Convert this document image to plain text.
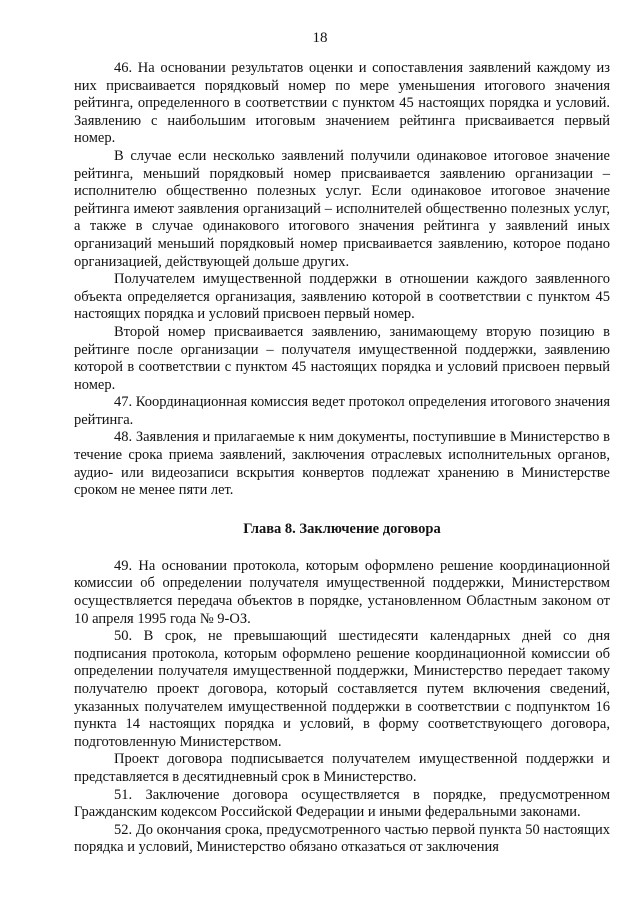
18

46. На основании результатов оценки и сопоставления заявлений каждому из них присваивается порядковый номер по мере уменьшения итогового значения рейтинга, определенного в соответствии с пунктом 45 настоящих порядка и условий. Заявлению с наибольшим итоговым значением рейтинга присваивается первый номер.

В случае если несколько заявлений получили одинаковое итоговое значение рейтинга, меньший порядковый номер присваивается заявлению организации – исполнителю общественно полезных услуг. Если одинаковое итоговое значение рейтинга имеют заявления организаций – исполнителей общественно полезных услуг, а также в случае одинакового итогового значения рейтинга у заявлений иных организаций меньший порядковый номер присваивается заявлению, которое подано организацией, действующей дольше других.

Получателем имущественной поддержки в отношении каждого заявленного объекта определяется организация, заявлению которой в соответствии с пунктом 45 настоящих порядка и условий присвоен первый номер.

Второй номер присваивается заявлению, занимающему вторую позицию в рейтинге после организации – получателя имущественной поддержки, заявлению которой в соответствии с пунктом 45 настоящих порядка и условий присвоен первый номер.

47. Координационная комиссия ведет протокол определения итогового значения рейтинга.

48. Заявления и прилагаемые к ним документы, поступившие в Министерство в течение срока приема заявлений, заключения отраслевых исполнительных органов, аудио- или видеозаписи вскрытия конвертов подлежат хранению в Министерстве сроком не менее пяти лет.

Глава 8. Заключение договора

49. На основании протокола, которым оформлено решение координационной комиссии об определении получателя имущественной поддержки, Министерством осуществляется передача объектов в порядке, установленном Областным законом от 10 апреля 1995 года № 9-ОЗ.

50. В срок, не превышающий шестидесяти календарных дней со дня подписания протокола, которым оформлено решение координационной комиссии об определении получателя имущественной поддержки, Министерство передает такому получателю проект договора, который составляется путем включения сведений, указанных получателем имущественной поддержки в соответствии с подпунктом 16 пункта 14 настоящих порядка и условий, в форму соответствующего договора, подготовленную Министерством.

Проект договора подписывается получателем имущественной поддержки и представляется в десятидневный срок в Министерство.

51. Заключение договора осуществляется в порядке, предусмотренном Гражданским кодексом Российской Федерации и иными федеральными законами.

52. До окончания срока, предусмотренного частью первой пункта 50 настоящих порядка и условий, Министерство обязано отказаться от заключения
